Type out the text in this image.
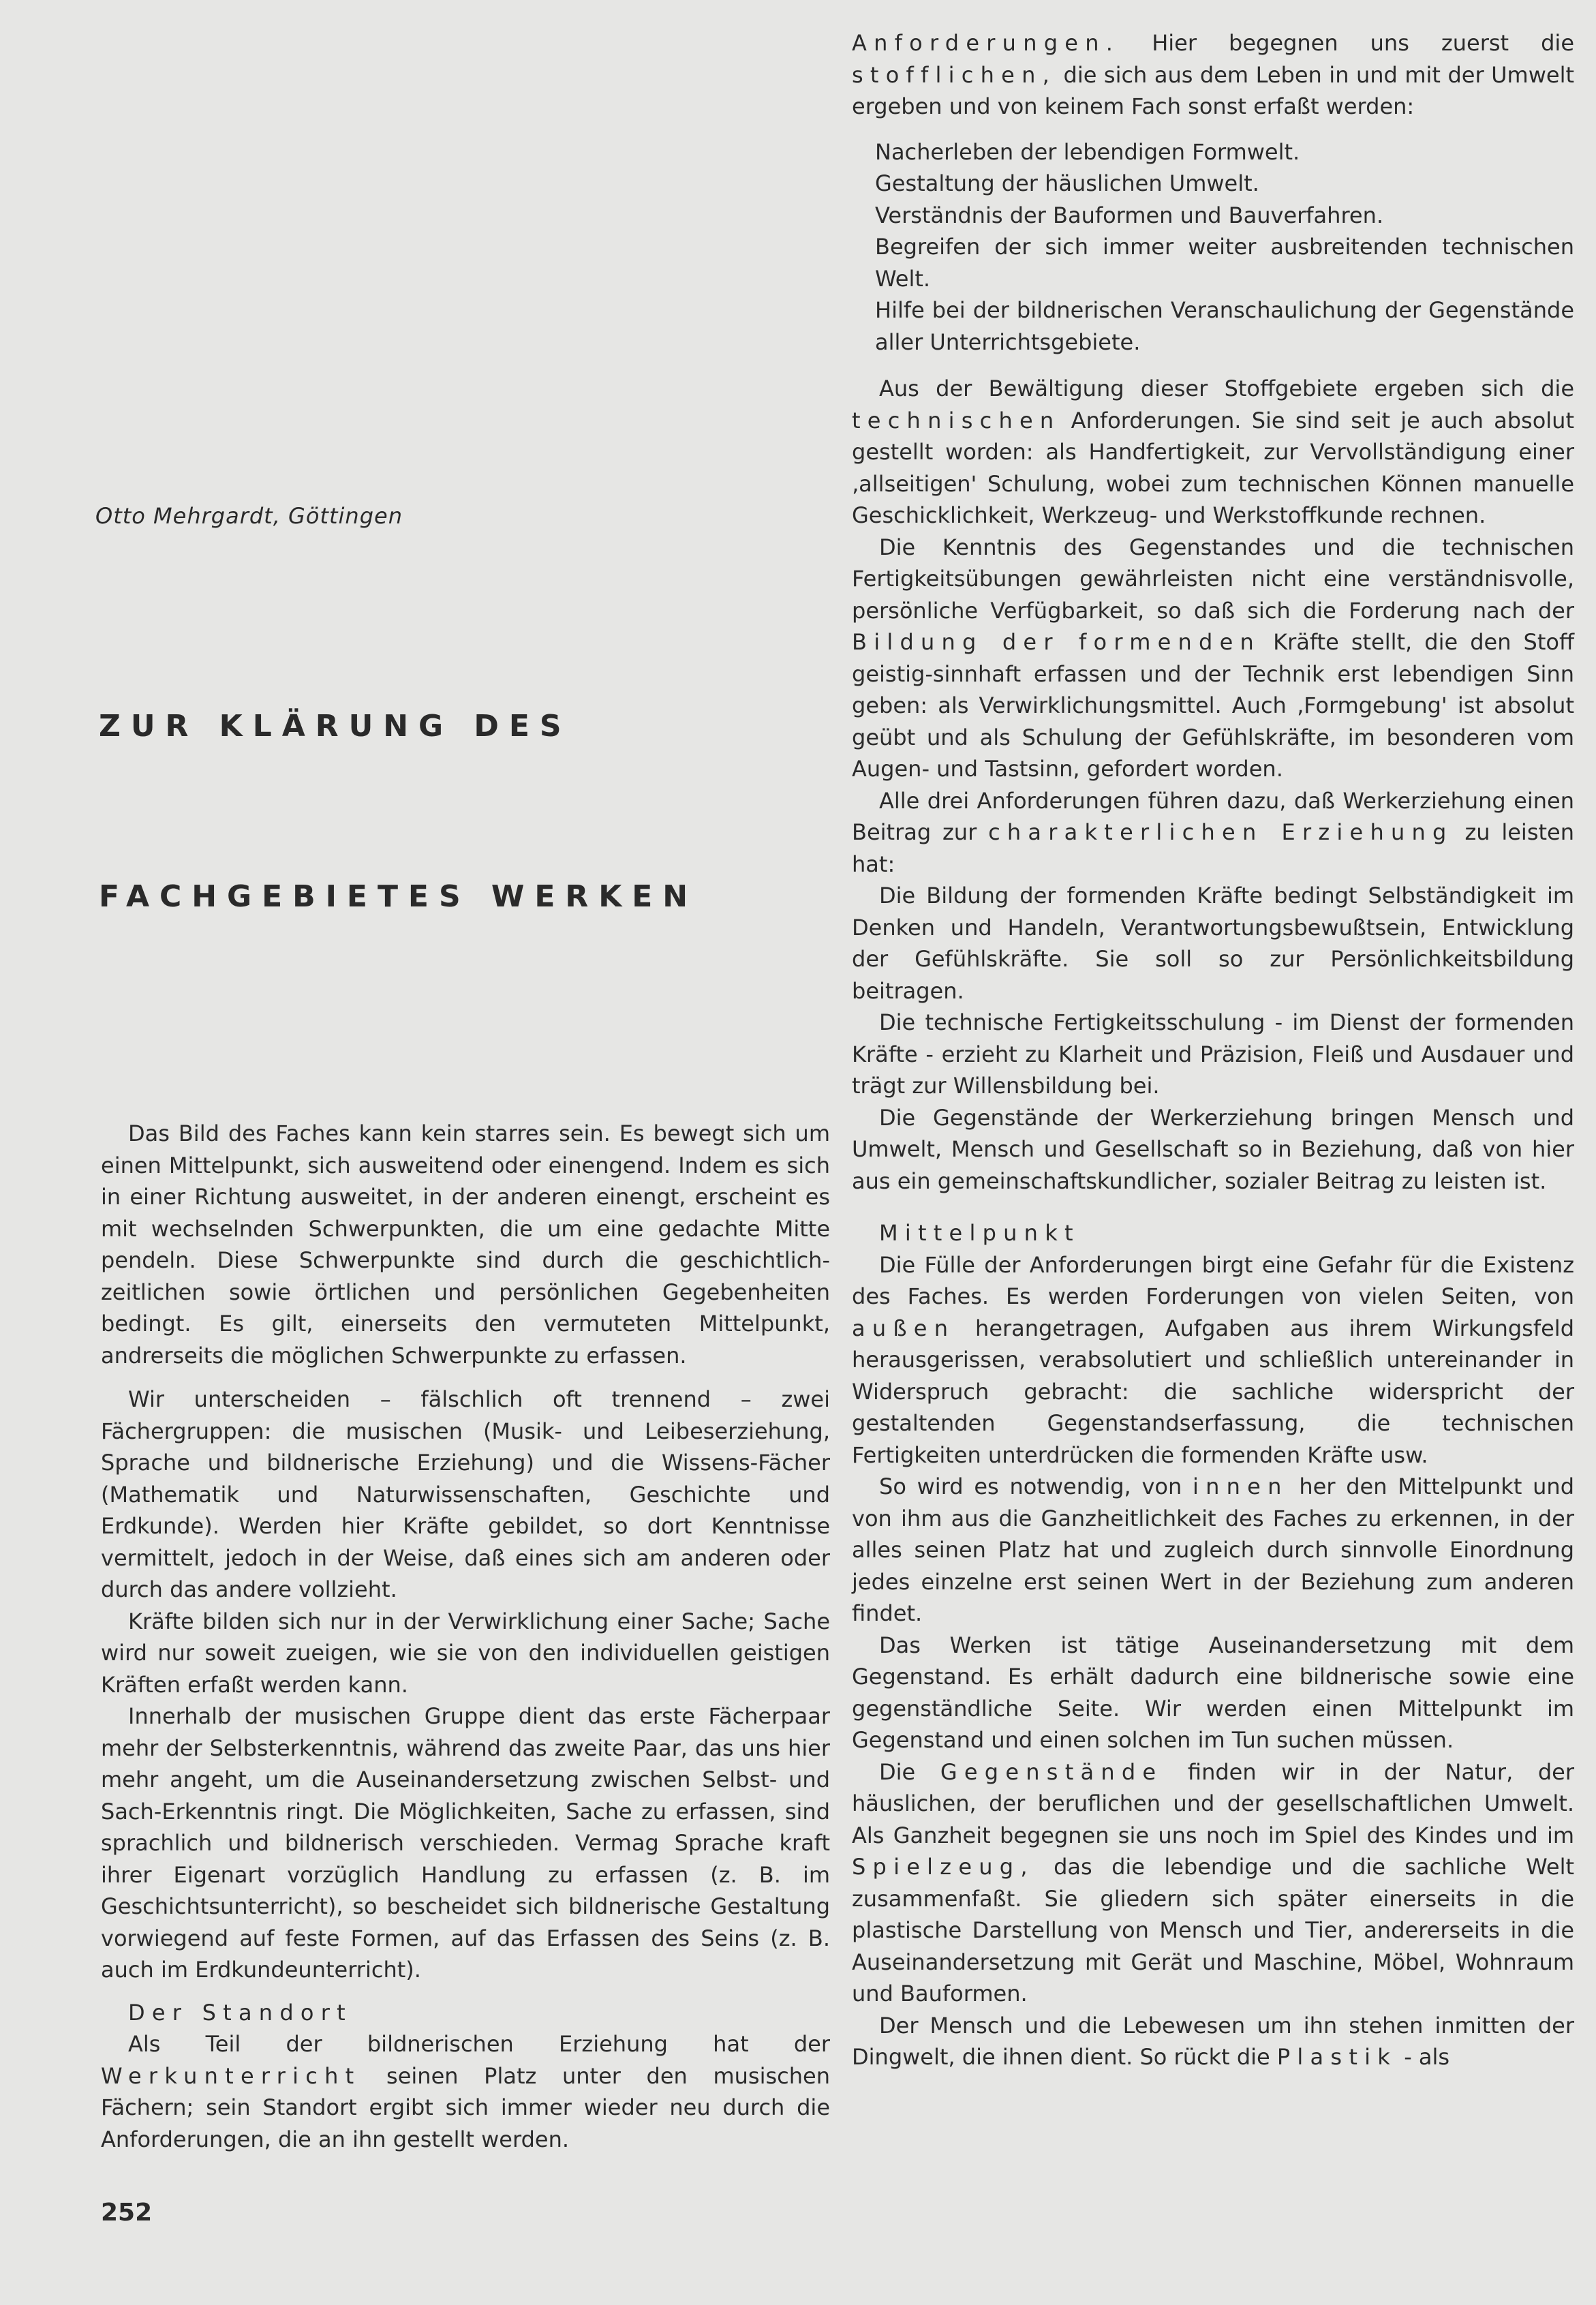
Otto Mehrgardt, Göttingen
ZUR KLÄRUNG DES
FACHGEBIETES WERKEN

Das Bild des Faches kann kein starres sein. Es bewegt sich um einen Mittelpunkt, sich ausweitend oder einengend. Indem es sich in einer Richtung ausweitet, in der anderen einengt, erscheint es mit wechselnden Schwerpunkten, die um eine gedachte Mitte pendeln. Diese Schwerpunkte sind durch die geschichtlich-zeitlichen sowie örtlichen und persönlichen Gegebenheiten bedingt. Es gilt, einerseits den vermuteten Mittelpunkt, andrerseits die möglichen Schwerpunkte zu erfassen.

Wir unterscheiden – fälschlich oft trennend – zwei Fächergruppen: die musischen (Musik- und Leibeserziehung, Sprache und bildnerische Erziehung) und die Wissens-Fächer (Mathematik und Naturwissenschaften, Geschichte und Erdkunde). Werden hier Kräfte gebildet, so dort Kenntnisse vermittelt, jedoch in der Weise, daß eines sich am anderen oder durch das andere vollzieht.

Kräfte bilden sich nur in der Verwirklichung einer Sache; Sache wird nur soweit zueigen, wie sie von den individuellen geistigen Kräften erfaßt werden kann.

Innerhalb der musischen Gruppe dient das erste Fächerpaar mehr der Selbsterkenntnis, während das zweite Paar, das uns hier mehr angeht, um die Auseinandersetzung zwischen Selbst- und Sach-Erkenntnis ringt. Die Möglichkeiten, Sache zu erfassen, sind sprachlich und bildnerisch verschieden. Vermag Sprache kraft ihrer Eigenart vorzüglich Handlung zu erfassen (z. B. im Geschichtsunterricht), so bescheidet sich bildnerische Gestaltung vorwiegend auf feste Formen, auf das Erfassen des Seins (z. B. auch im Erdkundeunterricht).

Der Standort

Als Teil der bildnerischen Erziehung hat der Werkunterricht seinen Platz unter den musischen Fächern; sein Standort ergibt sich immer wieder neu durch die Anforderungen, die an ihn gestellt werden.

Anforderungen. Hier begegnen uns zuerst die stofflichen, die sich aus dem Leben in und mit der Umwelt ergeben und von keinem Fach sonst erfaßt werden:

Nacherleben der lebendigen Formwelt.
Gestaltung der häuslichen Umwelt.
Verständnis der Bauformen und Bauverfahren.
Begreifen der sich immer weiter ausbreitenden technischen Welt.
Hilfe bei der bildnerischen Veranschaulichung der Gegenstände aller Unterrichtsgebiete.

Aus der Bewältigung dieser Stoffgebiete ergeben sich die technischen Anforderungen. Sie sind seit je auch absolut gestellt worden: als Handfertigkeit, zur Vervollständigung einer ‚allseitigen' Schulung, wobei zum technischen Können manuelle Geschicklichkeit, Werkzeug- und Werkstoffkunde rechnen.

Die Kenntnis des Gegenstandes und die technischen Fertigkeitsübungen gewährleisten nicht eine verständnisvolle, persönliche Verfügbarkeit, so daß sich die Forderung nach der Bildung der formenden Kräfte stellt, die den Stoff geistig-sinnhaft erfassen und der Technik erst lebendigen Sinn geben: als Verwirklichungsmittel. Auch ‚Formgebung' ist absolut geübt und als Schulung der Gefühlskräfte, im besonderen vom Augen- und Tastsinn, gefordert worden.

Alle drei Anforderungen führen dazu, daß Werkerziehung einen Beitrag zur charakterlichen Erziehung zu leisten hat:

Die Bildung der formenden Kräfte bedingt Selbständigkeit im Denken und Handeln, Verantwortungsbewußtsein, Entwicklung der Gefühlskräfte. Sie soll so zur Persönlichkeitsbildung beitragen.

Die technische Fertigkeitsschulung - im Dienst der formenden Kräfte - erzieht zu Klarheit und Präzision, Fleiß und Ausdauer und trägt zur Willensbildung bei.

Die Gegenstände der Werkerziehung bringen Mensch und Umwelt, Mensch und Gesellschaft so in Beziehung, daß von hier aus ein gemeinschaftskundlicher, sozialer Beitrag zu leisten ist.

Mittelpunkt

Die Fülle der Anforderungen birgt eine Gefahr für die Existenz des Faches. Es werden Forderungen von vielen Seiten, von außen herangetragen, Aufgaben aus ihrem Wirkungsfeld herausgerissen, verabsolutiert und schließlich untereinander in Widerspruch gebracht: die sachliche widerspricht der gestaltenden Gegenstandserfassung, die technischen Fertigkeiten unterdrücken die formenden Kräfte usw.

So wird es notwendig, von innen her den Mittelpunkt und von ihm aus die Ganzheitlichkeit des Faches zu erkennen, in der alles seinen Platz hat und zugleich durch sinnvolle Einordnung jedes einzelne erst seinen Wert in der Beziehung zum anderen findet.

Das Werken ist tätige Auseinandersetzung mit dem Gegenstand. Es erhält dadurch eine bildnerische sowie eine gegenständliche Seite. Wir werden einen Mittelpunkt im Gegenstand und einen solchen im Tun suchen müssen.

Die Gegenstände finden wir in der Natur, der häuslichen, der beruflichen und der gesellschaftlichen Umwelt. Als Ganzheit begegnen sie uns noch im Spiel des Kindes und im Spielzeug, das die lebendige und die sachliche Welt zusammenfaßt. Sie gliedern sich später einerseits in die plastische Darstellung von Mensch und Tier, andererseits in die Auseinandersetzung mit Gerät und Maschine, Möbel, Wohnraum und Bauformen.

Der Mensch und die Lebewesen um ihn stehen inmitten der Dingwelt, die ihnen dient. So rückt die Plastik - als

252
